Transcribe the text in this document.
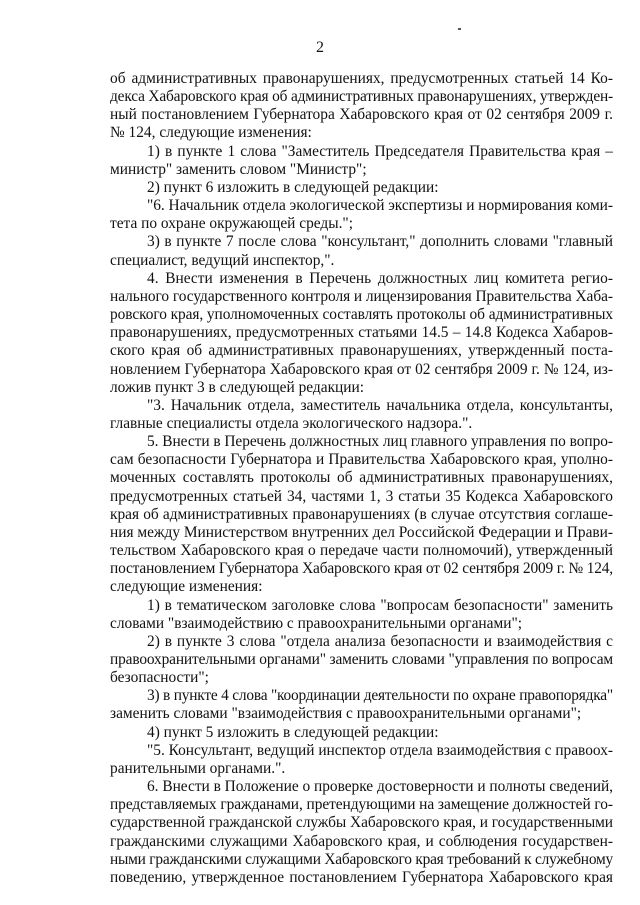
2
об административных правонарушениях, предусмотренных статьей 14 Ко-
декса Хабаровского края об административных правонарушениях, утвержден-
ный постановлением Губернатора Хабаровского края от 02 сентября 2009 г.
№ 124, следующие изменения:
1) в пункте 1 слова "Заместитель Председателя Правительства края –
министр" заменить словом "Министр";
2) пункт 6 изложить в следующей редакции:
"6. Начальник отдела экологической экспертизы и нормирования коми-
тета по охране окружающей среды.";
3) в пункте 7 после слова "консультант," дополнить словами "главный
специалист, ведущий инспектор,".
4. Внести изменения в Перечень должностных лиц комитета регио-
нального государственного контроля и лицензирования Правительства Хаба-
ровского края, уполномоченных составлять протоколы об административных
правонарушениях, предусмотренных статьями 14.5 – 14.8 Кодекса Хабаров-
ского края об административных правонарушениях, утвержденный поста-
новлением Губернатора Хабаровского края от 02 сентября 2009 г. № 124, из-
ложив пункт 3 в следующей редакции:
"3. Начальник отдела, заместитель начальника отдела, консультанты,
главные специалисты отдела экологического надзора.".
5. Внести в Перечень должностных лиц главного управления по вопро-
сам безопасности Губернатора и Правительства Хабаровского края, уполно-
моченных составлять протоколы об административных правонарушениях,
предусмотренных статьей 34, частями 1, 3 статьи 35 Кодекса Хабаровского
края об административных правонарушениях (в случае отсутствия соглаше-
ния между Министерством внутренних дел Российской Федерации и Прави-
тельством Хабаровского края о передаче части полномочий), утвержденный
постановлением Губернатора Хабаровского края от 02 сентября 2009 г. № 124,
следующие изменения:
1) в тематическом заголовке слова "вопросам безопасности" заменить
словами "взаимодействию с правоохранительными органами";
2) в пункте 3 слова "отдела анализа безопасности и взаимодействия с
правоохранительными органами" заменить словами "управления по вопросам
безопасности";
3) в пункте 4 слова "координации деятельности по охране правопорядка"
заменить словами "взаимодействия с правоохранительными органами";
4) пункт 5 изложить в следующей редакции:
"5. Консультант, ведущий инспектор отдела взаимодействия с правоох-
ранительными органами.".
6. Внести в Положение о проверке достоверности и полноты сведений,
представляемых гражданами, претендующими на замещение должностей го-
сударственной гражданской службы Хабаровского края, и государственными
гражданскими служащими Хабаровского края, и соблюдения государствен-
ными гражданскими служащими Хабаровского края требований к служебному
поведению, утвержденное постановлением Губернатора Хабаровского края
